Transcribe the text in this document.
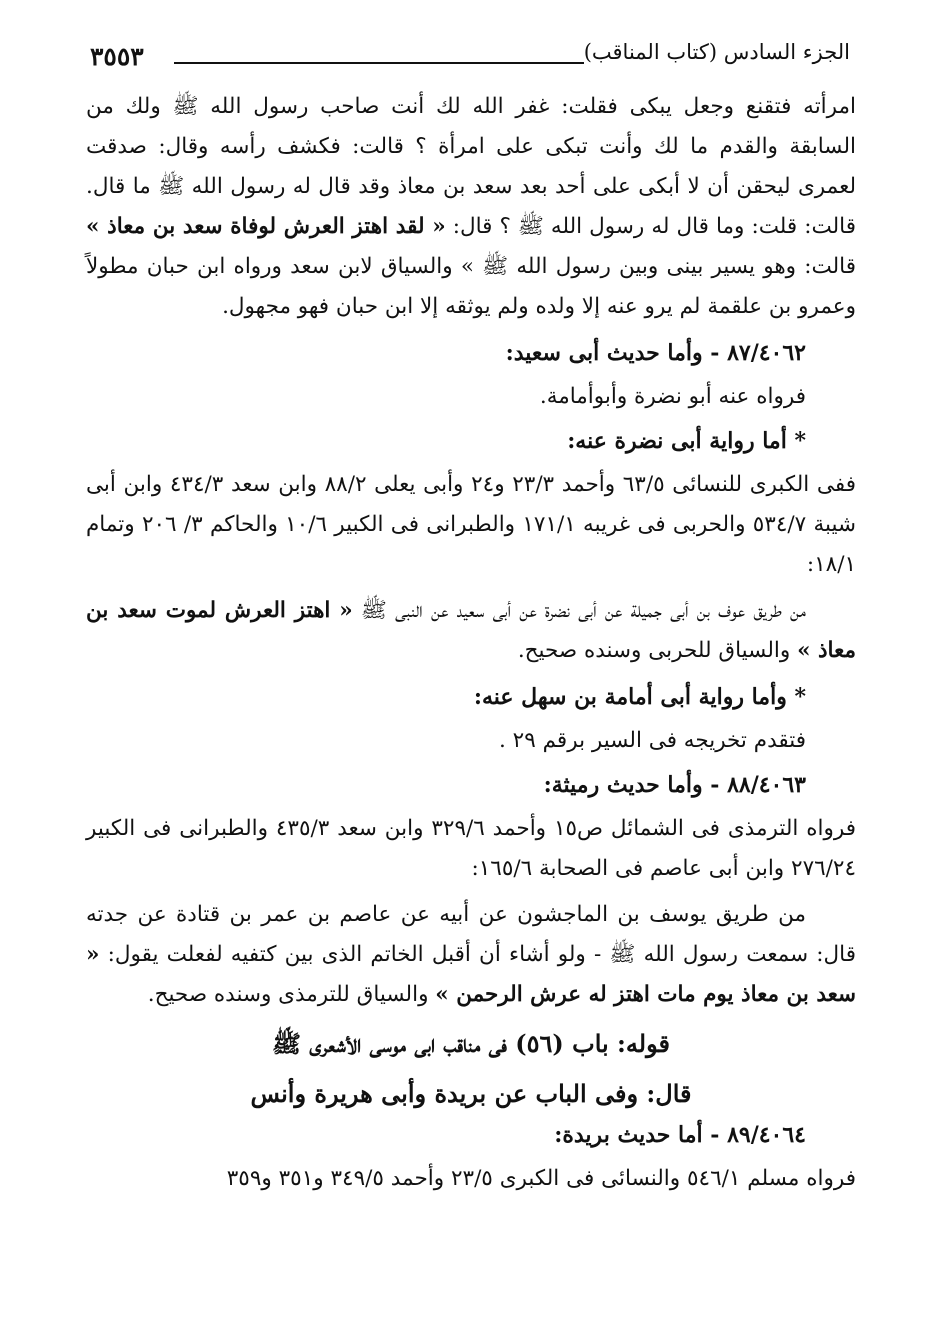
٣٥٥٣	الجزء السادس (كتاب المناقب)

امرأته فتقنع وجعل يبكى فقلت: غفر الله لك أنت صاحب رسول الله ﷺ ولك من السابقة والقدم ما لك وأنت تبكى على امرأة ؟ قالت: فكشف رأسه وقال: صدقت لعمرى ليحقن أن لا أبكى على أحد بعد سعد بن معاذ وقد قال له رسول الله ﷺ ما قال. قالت: قلت: وما قال له رسول الله ﷺ ؟ قال: « لقد اهتز العرش لوفاة سعد بن معاذ » قالت: وهو يسير بينى وبين رسول الله ﷺ » والسياق لابن سعد ورواه ابن حبان مطولاً وعمرو بن علقمة لم يرو عنه إلا ولده ولم يوثقه إلا ابن حبان فهو مجهول.

٨٧/٤٠٦٢ - وأما حديث أبى سعيد:

فرواه عنه أبو نضرة وأبوأمامة.

* أما رواية أبى نضرة عنه:

ففى الكبرى للنسائى ٦٣/٥ وأحمد ٢٣/٣ و٢٤ وأبى يعلى ٨٨/٢ وابن سعد ٤٣٤/٣ وابن أبى شيبة ٥٣٤/٧ والحربى فى غريبه ١٧١/١ والطبرانى فى الكبير ١٠/٦ والحاكم ٣/ ٢٠٦ وتمام ١٨/١:

من طريق عوف بن أبى جميلة عن أبى نضرة عن أبى سعيد عن النبى ﷺ « اهتز العرش لموت سعد بن معاذ » والسياق للحربى وسنده صحيح.

* وأما رواية أبى أمامة بن سهل عنه:

فتقدم تخريجه فى السير برقم ٢٩ .

٨٨/٤٠٦٣ - وأما حديث رميثة:

فرواه الترمذى فى الشمائل ص١٥ وأحمد ٣٢٩/٦ وابن سعد ٤٣٥/٣ والطبرانى فى الكبير ٢٧٦/٢٤ وابن أبى عاصم فى الصحابة ١٦٥/٦:

من طريق يوسف بن الماجشون عن أبيه عن عاصم بن عمر بن قتادة عن جدته قال: سمعت رسول الله ﷺ - ولو أشاء أن أقبل الخاتم الذى بين كتفيه لفعلت يقول: « سعد بن معاذ يوم مات اهتز له عرش الرحمن » والسياق للترمذى وسنده صحيح.

قوله: باب (٥٦) فى مناقب ابى موسى الأشعرى ﷺ

قال: وفى الباب عن بريدة وأبى هريرة وأنس

٨٩/٤٠٦٤ - أما حديث بريدة:

فرواه مسلم ٥٤٦/١ والنسائى فى الكبرى ٢٣/٥ وأحمد ٣٤٩/٥ و٣٥١ و٣٥٩
